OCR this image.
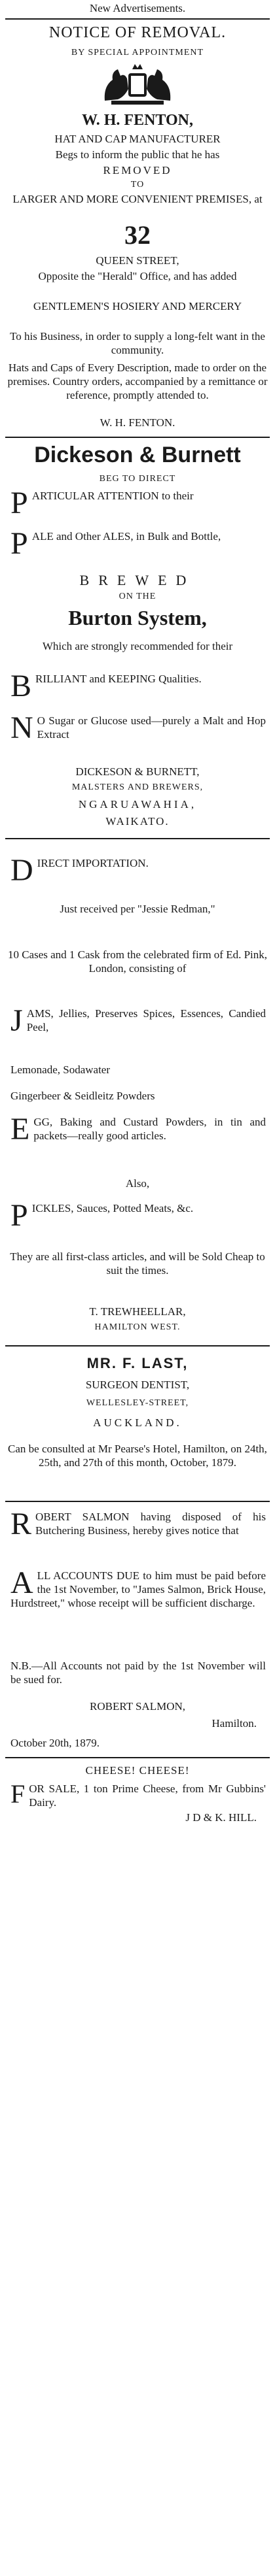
New Advertisements.
NOTICE OF REMOVAL.
BY SPECIAL APPOINTMENT
W. H. FENTON,
HAT AND CAP MANUFACTURER
Begs to inform the public that he has
REMOVED
TO
LARGER AND MORE CONVENIENT PREMISES, at
32
QUEEN STREET,
Opposite the "Herald" Office, and has added
GENTLEMEN'S HOSIERY AND MERCERY
To his Business, in order to supply a long-felt want in the community.
Hats and Caps of Every Description, made to order on the premises. Country orders, accompanied by a remittance or reference, promptly attended to.
W. H. FENTON.
Dickeson & Burnett
BEG TO DIRECT
PARTICULAR ATTENTION to their
PALE and Other ALES, in Bulk and Bottle,
BREWED
ON THE
Burton System,
Which are strongly recommended for their
BRILLIANT and KEEPING Qualities.
N O Sugar or Glucose used—purely a Malt and Hop Extract
DICKESON & BURNETT,
MALSTERS AND BREWERS,
NGARUAWAHIA,
WAIKATO.
DIRECT IMPORTATION.
Just received per "Jessie Redman,"
10 Cases and 1 Cask from the celebrated firm of Ed. Pink, London, consisting of
JAMS, Jellies, Preserves Spices, Essences, Candied Peel,
Lemonade, Sodawater
Gingerbeer & Seidleitz Powders
EGG, Baking and Custard Powders, in tin and packets—really good articles.
Also,
PICKLES, Sauces, Potted Meats, &c.
They are all first-class articles, and will be Sold Cheap to suit the times.
T. TREWHEELLAR,
HAMILTON WEST.
MR. F. LAST,
SURGEON DENTIST,
WELLESLEY-STREET,
AUCKLAND.
Can be consulted at Mr Pearse's Hotel, Hamilton, on 24th, 25th, and 27th of this month, October, 1879.
ROBERT SALMON having disposed of his Butchering Business, hereby gives notice that
ALL ACCOUNTS DUE to him must be paid before the 1st November, to "James Salmon, Brick House, Hurdstreet," whose receipt will be sufficient discharge.
N.B.—All Accounts not paid by the 1st November will be sued for.
ROBERT SALMON,
Hamilton.
October 20th, 1879.
CHEESE! CHEESE!
FOR SALE, 1 ton Prime Cheese, from Mr Gubbins' Dairy.
J D & K. HILL.
